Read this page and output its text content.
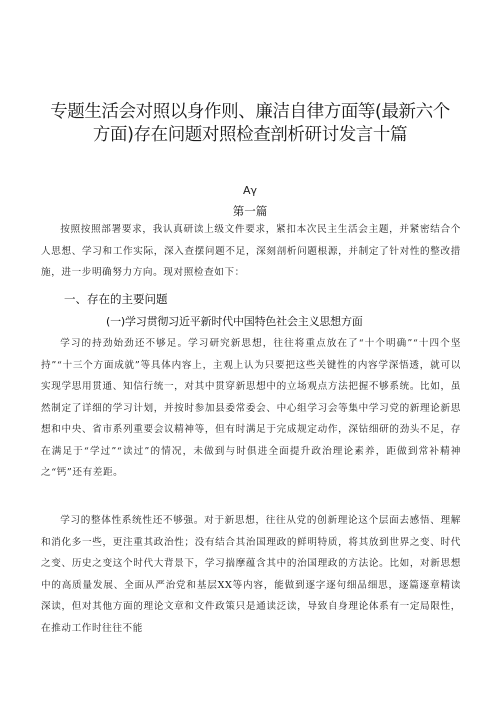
专题生活会对照以身作则、廉洁自律方面等(最新六个
方面)存在问题对照检查剖析研讨发言十篇
Aγ
第一篇

按照按照部署要求，我认真研读上级文件要求，紧扣本次民主生活会主题，并紧密结合个人思想、学习和工作实际，深入查摆问题不足，深刻剖析问题根源，并制定了针对性的整改措施，进一步明确努力方向。现对照检查如下：

一、存在的主要问题
(一)学习贯彻习近平新时代中国特色社会主义思想方面

学习的持劲始劲还不够足。学习研究新思想，往往将重点放在了“十个明确”“十四个坚持”“十三个方面成就”等具体内容上，主观上认为只要把这些关键性的内容学深悟透，就可以实现学思用贯通、知信行统一，对其中贯穿新思想中的立场观点方法把握不够系统。比如，虽然制定了详细的学习计划，并按时参加县委常委会、中心组学习会等集中学习党的新理论新思想和中央、省市系列重要会议精神等，但有时满足于完成规定动作，深钻细研的劲头不足，存在满足于“学过”“读过”的情况，未做到与时俱进全面提升政治理论素养，距做到常补精神之“钙”还有差距。

学习的整体性系统性还不够强。对于新思想，往往从党的创新理论这个层面去感悟、理解和消化多一些，更注重其政治性；没有结合其治国理政的鲜明特质，将其放到世界之变、时代之变、历史之变这个时代大背景下，学习揣摩蕴含其中的治国理政的方法论。比如，对新思想中的高质量发展、全面从严治党和基层XX等内容，能做到逐字逐句细品细思，逐篇逐章精读深读，但对其他方面的理论文章和文件政策只是通读泛读，导致自身理论体系有一定局限性，在推动工作时往往不能
